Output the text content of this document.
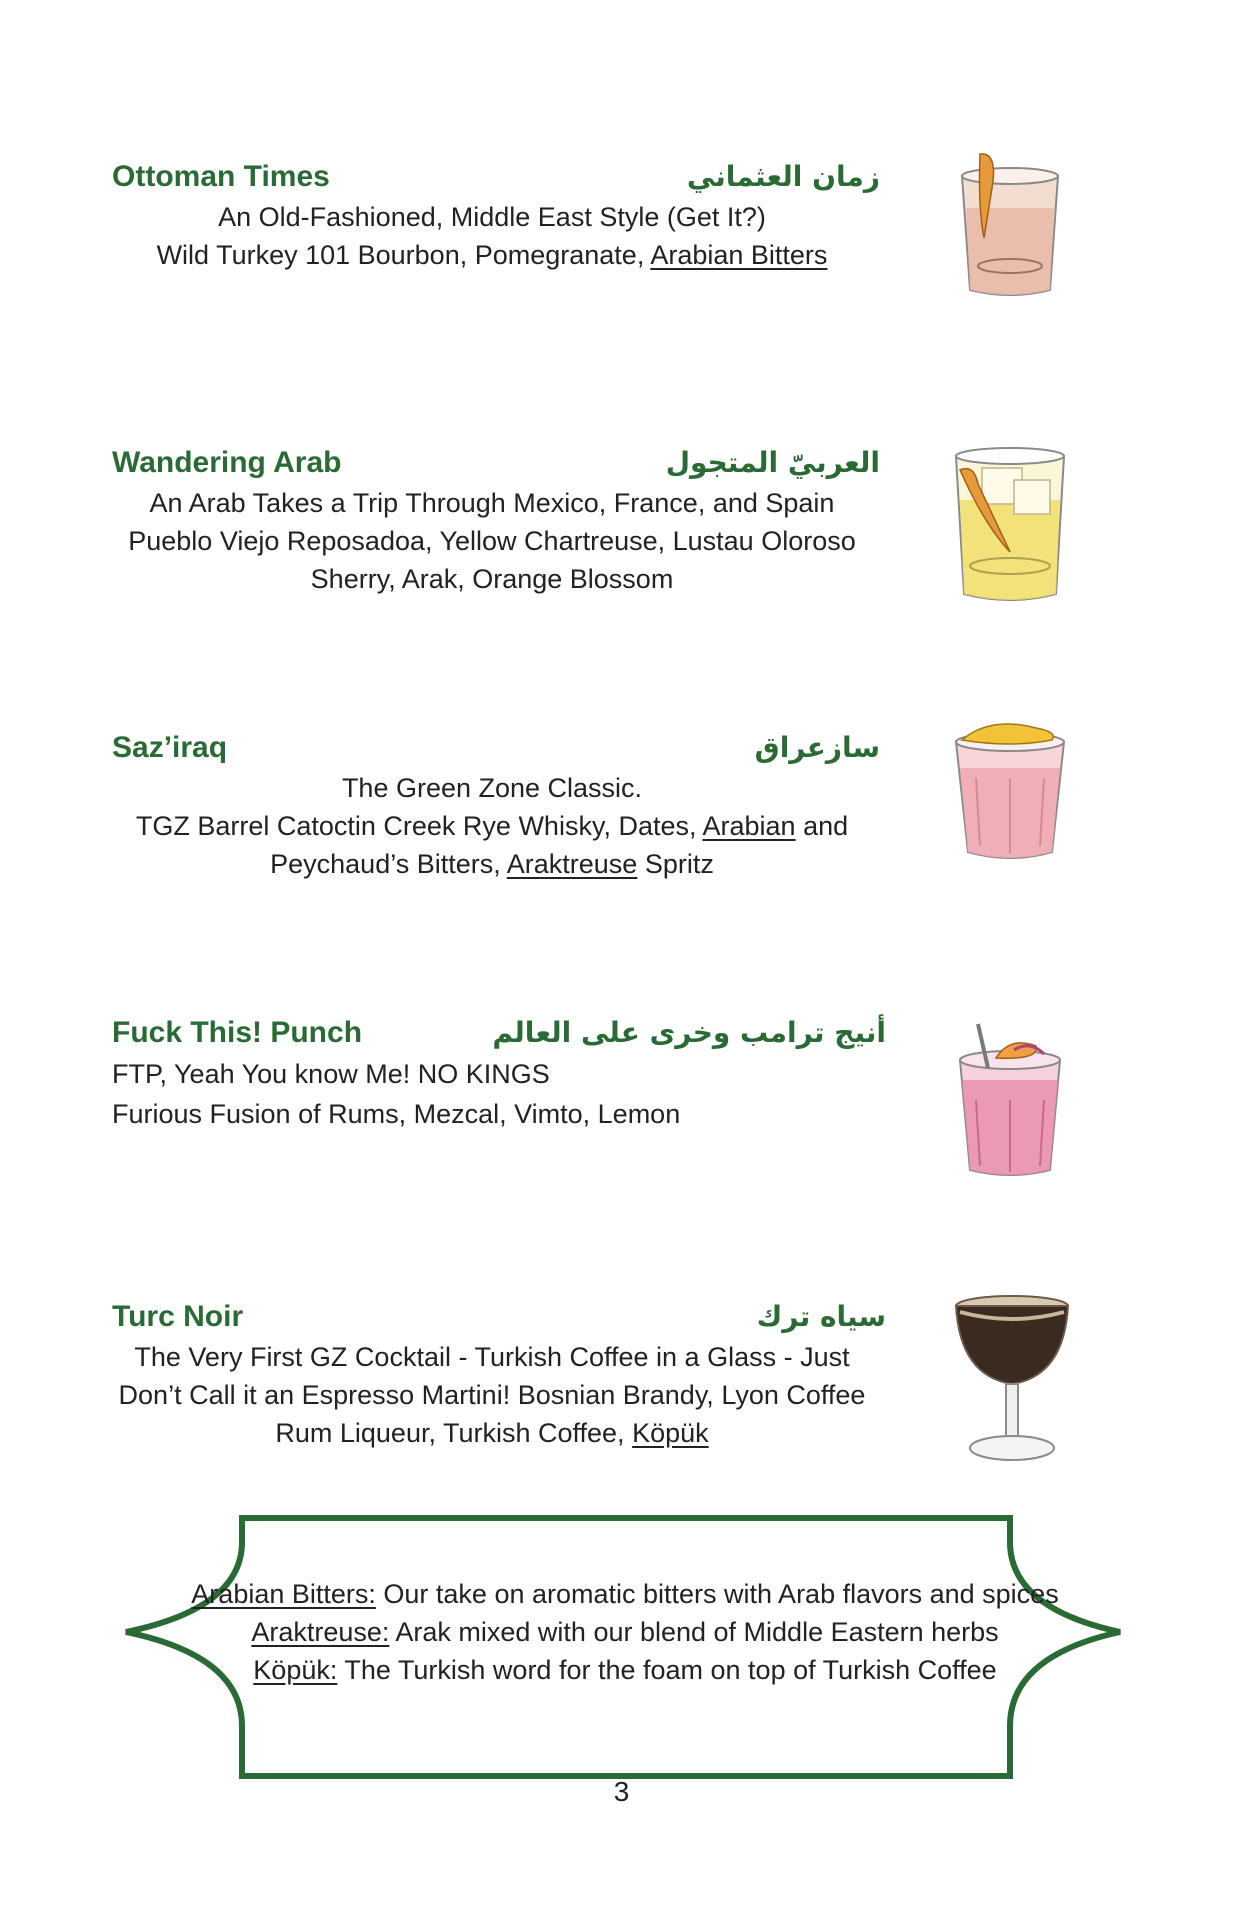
Ottoman Times	زمان العثماني
An Old-Fashioned, Middle East Style (Get It?)
Wild Turkey 101 Bourbon, Pomegranate, Arabian Bitters
Wandering Arab	العربيّ المتجول
An Arab Takes a Trip Through Mexico, France, and Spain
Pueblo Viejo Reposadoa, Yellow Chartreuse, Lustau Oloroso
Sherry, Arak, Orange Blossom
Saz’iraq	سازعراق
The Green Zone Classic.
TGZ Barrel Catoctin Creek Rye Whisky, Dates, Arabian and
Peychaud’s Bitters, Araktreuse Spritz
Fuck This! Punch	أنيج ترامب وخرى على العالم
FTP, Yeah You know Me! NO KINGS
Furious Fusion of Rums, Mezcal, Vimto, Lemon
Turc Noir	سياه ترك
The Very First GZ Cocktail - Turkish Coffee in a Glass - Just
Don’t Call it an Espresso Martini! Bosnian Brandy, Lyon Coffee
Rum Liqueur, Turkish Coffee, Köpük
Arabian Bitters: Our take on aromatic bitters with Arab flavors and spices
Araktreuse: Arak mixed with our blend of Middle Eastern herbs
Köpük: The Turkish word for the foam on top of Turkish Coffee
3
